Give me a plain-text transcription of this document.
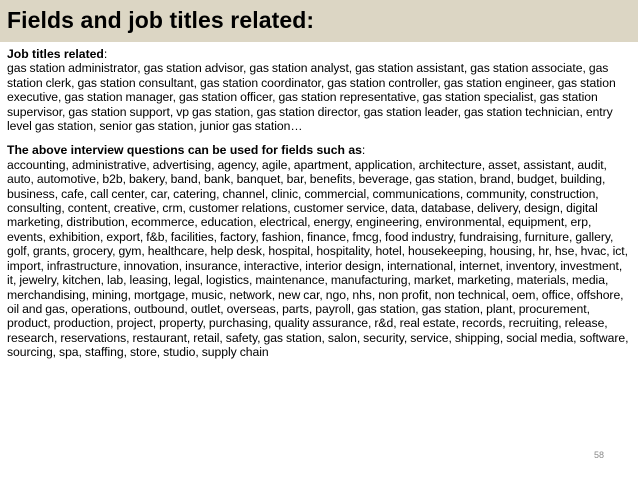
Fields and job titles related:
Job titles related:
gas station administrator, gas station advisor, gas station analyst, gas station assistant, gas station associate, gas station clerk, gas station consultant, gas station coordinator, gas station controller, gas station engineer, gas station executive, gas station manager, gas station officer, gas station representative, gas station specialist, gas station supervisor, gas station support, vp gas station, gas station director, gas station leader, gas station technician, entry level gas station, senior gas station, junior gas station…
The above interview questions can be used for fields such as:
accounting, administrative, advertising, agency, agile, apartment, application, architecture, asset, assistant, audit, auto, automotive, b2b, bakery, band, bank, banquet, bar, benefits, beverage, gas station, brand, budget, building, business, cafe, call center, car, catering, channel, clinic, commercial, communications, community, construction, consulting, content, creative, crm, customer relations, customer service, data, database, delivery, design, digital marketing, distribution, ecommerce, education, electrical, energy, engineering, environmental, equipment, erp, events, exhibition, export, f&b, facilities, factory, fashion, finance, fmcg, food industry, fundraising, furniture, gallery, golf, grants, grocery, gym, healthcare, help desk, hospital, hospitality, hotel, housekeeping, housing, hr, hse, hvac, ict, import, infrastructure, innovation, insurance, interactive, interior design, international, internet, inventory, investment, it, jewelry, kitchen, lab, leasing, legal, logistics, maintenance, manufacturing, market, marketing, materials, media, merchandising, mining, mortgage, music, network, new car, ngo, nhs, non profit, non technical, oem, office, offshore, oil and gas, operations, outbound, outlet, overseas, parts, payroll, gas station, gas station, plant, procurement, product, production, project, property, purchasing, quality assurance, r&d, real estate, records, recruiting, release, research, reservations, restaurant, retail, safety, gas station, salon, security, service, shipping, social media, software, sourcing, spa, staffing, store, studio, supply chain
58
